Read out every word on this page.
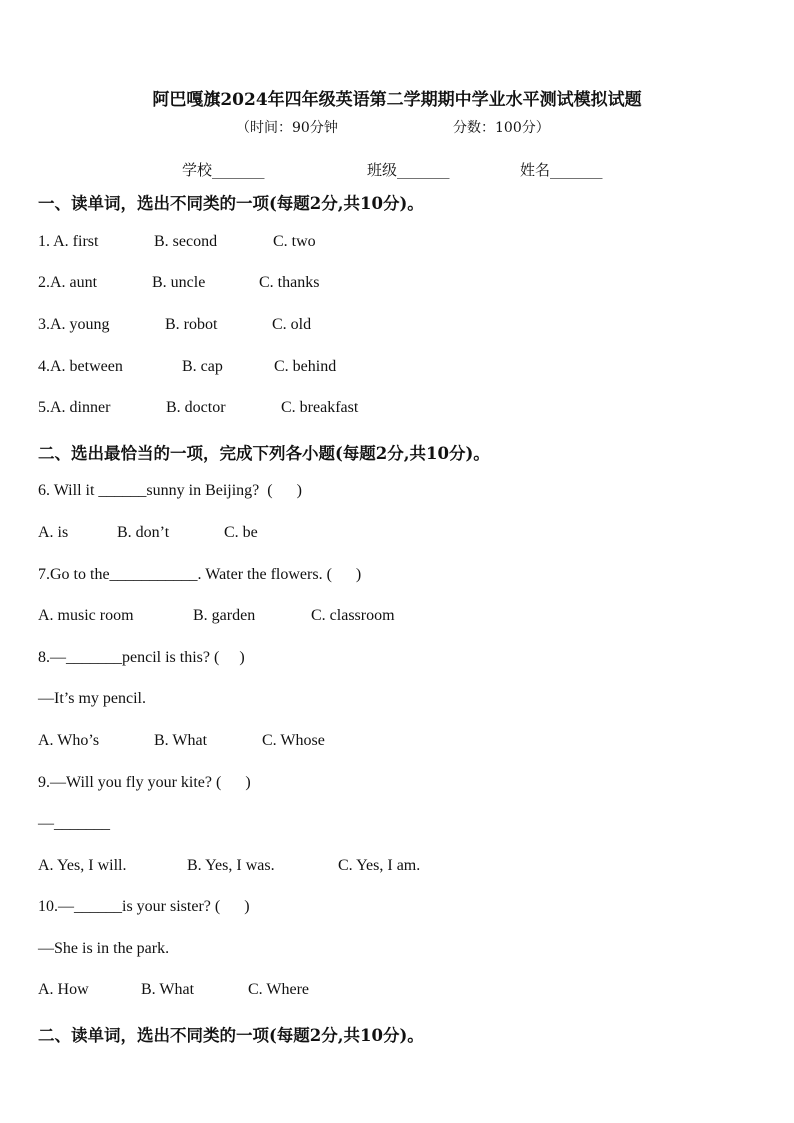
阿巴嘎旗2024年四年级英语第二学期期中学业水平测试模拟试题
（时间：90分钟	分数：100分）
学校_______	班级_______	姓名_______
一、读单词，选出不同类的一项(每题2分,共10分)。

1. A. first

	B. second

	C. two

2.A. aunt

	B. uncle

	C. thanks

3.A. young

	B. robot

	C. old

4.A. between

	B. cap

	C. behind

5.A. dinner

	B. doctor

	C. breakfast

二、选出最恰当的一项，完成下列各小题(每题2分,共10分)。
6. Will it ______sunny in Beijing?  (      )

A. is

	B. don’t

	C. be

7.Go to the___________. Water the flowers. (      )

A. music room

	B. garden

	C. classroom

8.—_______pencil is this? (     )
—It’s my pencil.

A. Who’s

	B. What

	C. Whose

9.—Will you fly your kite? (      )
—_______

A. Yes, I will.

	B. Yes, I was.

	C. Yes, I am.

10.—______is your sister? (      )
—She is in the park.

A. How

	B. What

	C. Where

二、读单词，选出不同类的一项(每题2分,共10分)。
